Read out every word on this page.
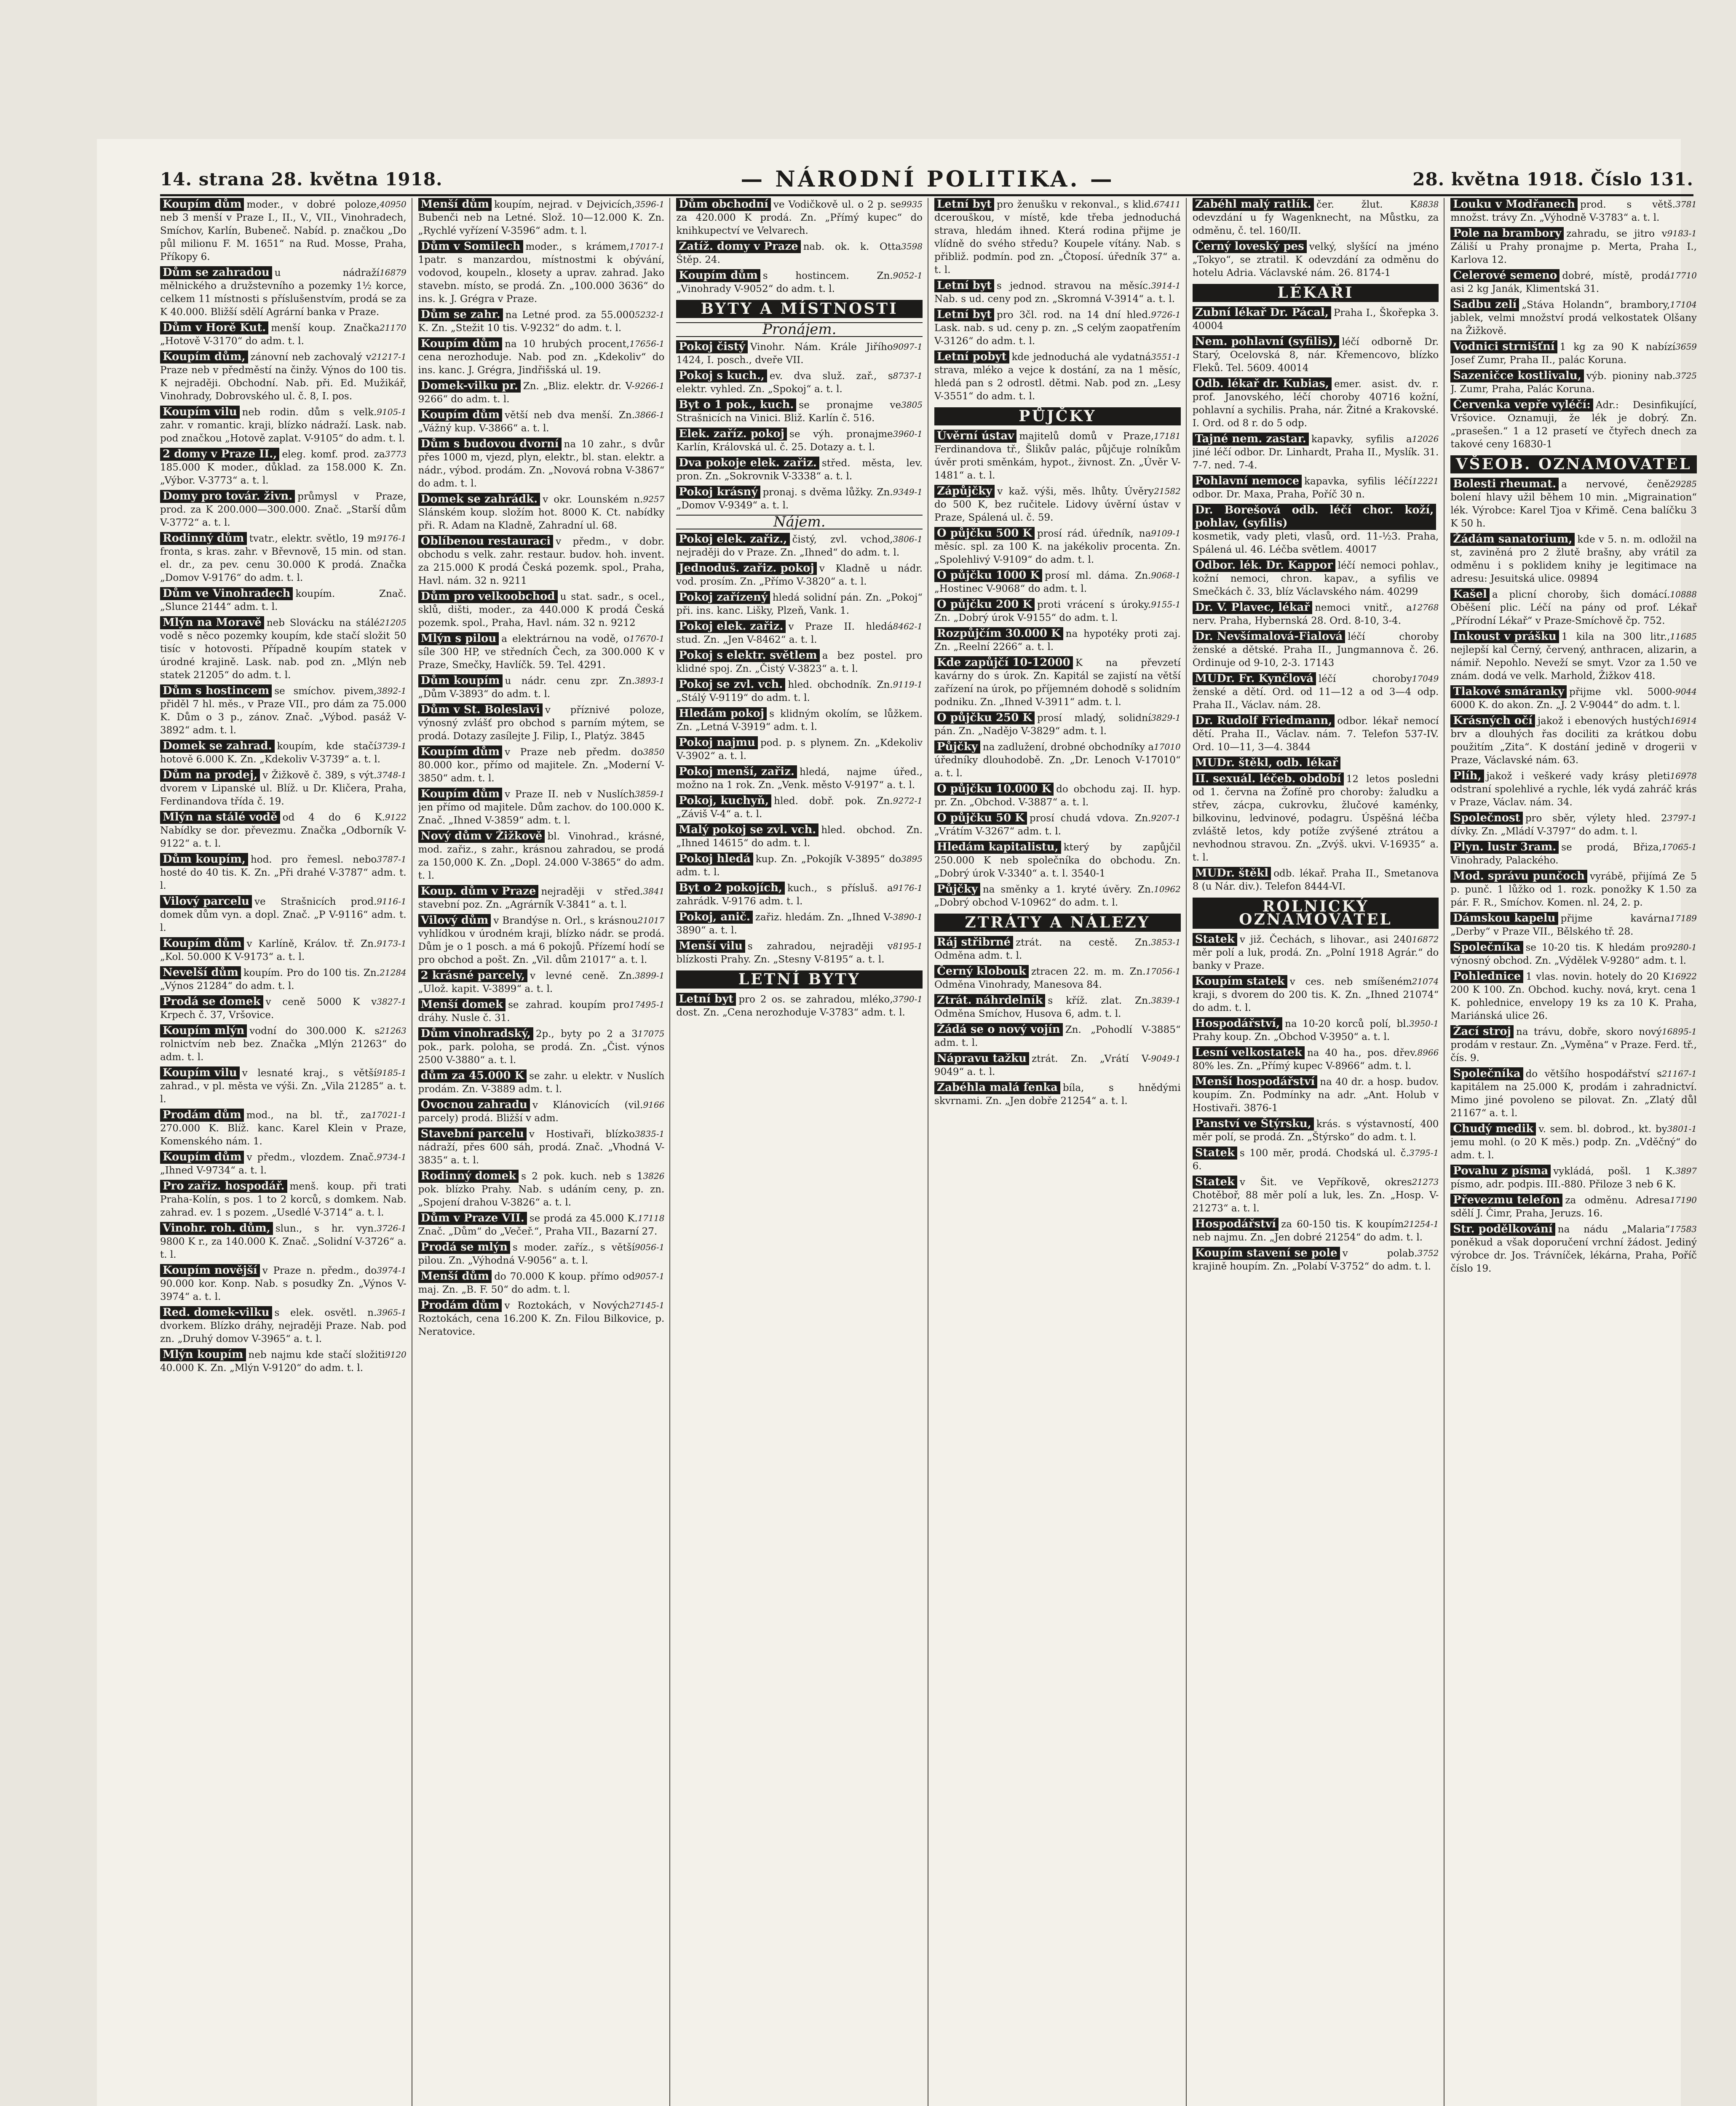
14. strana 28. května 1918.	— NÁRODNÍ POLITIKA. —	28. května 1918. Číslo 131.
Koupím dům	40950
moder., v dobré poloze, neb 3 menší v Praze I., II., V., VII., Vinohradech, Smíchov, Karlín, Bubeneč. Nabíd. p. značkou „Do půl milionu F. M. 1651“ na Rud. Mosse, Praha, Příkopy 6.
Dům se zahradou	16879
u nádraží mělnického a družstevního a pozemky 1½ korce, celkem 11 místnosti s příslušenstvím, prodá se za K 40.000. Bližší sdělí Agrární banka v Praze.
Dům v Horě Kut.	21170
menší koup. Značka „Hotově V-3170“ do adm. t. l.
Koupím dům,	21217-1
zánovní neb zachovalý v Praze neb v předměstí na činžy. Výnos do 100 tis. K nejraději. Obchodní. Nab. při. Ed. Mužikář, Vinohrady, Dobrovského ul. č. 8, I. pos.
Koupím vilu	9105-1
neb rodin. dům s velk. zahr. v romantic. kraji, blízko nádraží. Lask. nab. pod značkou „Hotově zaplat. V-9105“ do adm. t. l.
2 domy v Praze II.,	3773
eleg. komf. prod. za 185.000 K moder., důklad. za 158.000 K. Zn. „Výbor. V-3773“ a. t. l.
Domy pro továr. živn. průmysl v Praze, prod. za K 200.000—300.000. Znač. „Starší dům V-3772“ a. t. l.
Rodinný dům	9176-1
tvatr., elektr. světlo, 19 m fronta, s kras. zahr. v Břevnově, 15 min. od stan. el. dr., za pev. cenu 30.000 K prodá. Značka „Domov V-9176“ do adm. t. l.
Dům ve Vinohradech koupím. Znač. „Slunce 2144“ adm. t. l.
Mlýn na Moravě	21205
neb Slovácku na stálé vodě s něco pozemky koupím, kde stačí složit 50 tisíc v hotovosti. Případně koupím statek v úrodné krajině. Lask. nab. pod zn. „Mlýn neb statek 21205“ do adm. t. l.
Dům s hostincem	3892-1
se smíchov. pivem, přiděl 7 hl. měs., v Praze VII., pro dám za 75.000 K. Dům o 3 p., zánov. Znač. „Výbod. pasáž V-3892“ adm. t. l.
Domek se zahrad.	3739-1
koupím, kde stačí hotově 6.000 K. Zn. „Kdekoliv V-3739“ a. t. l.
Dům na prodej,	3748-1
v Žižkově č. 389, s výt. dvorem v Lipanské ul. Blíž. u Dr. Kličera, Praha, Ferdinandova třída č. 19.
Mlýn na stálé vodě	9122
od 4 do 6 K. Nabídky se dor. převezmu. Značka „Odborník V-9122“ a. t. l.
Dům koupím,	3787-1
hod. pro řemesl. nebo hosté do 40 tis. K. Zn. „Při drahé V-3787“ adm. t. l.
Vilový parcelu	9116-1
ve Strašnicích prod. domek dům vyn. a dopl. Znač. „P V-9116“ adm. t. l.
Koupím dům	9173-1
v Karlíně, Králov. tř. Zn. „Kol. 50.000 K V-9173“ a. t. l.
Nevelší dům	21284
koupím. Pro do 100 tis. Zn. „Výnos 21284“ do adm. t. l.
Prodá se domek	3827-1
v ceně 5000 K v Krpech č. 37, Vršovice.
Koupím mlýn	21263
vodní do 300.000 K. s rolnictvím neb bez. Značka „Mlýn 21263“ do adm. t. l.
Koupím vilu	9185-1
v lesnaté kraj., s větší zahrad., v pl. města ve výši. Zn. „Vila 21285“ a. t. l.
Prodám dům	17021-1
mod., na bl. tř., za 270.000 K. Blíž. kanc. Karel Klein v Praze, Komenského nám. 1.
Koupím dům	9734-1
v předm., vlozdem. Znač. „Ihned V-9734“ a. t. l.
Pro zařiz. hospodář. menš. koup. při trati Praha-Kolín, s pos. 1 to 2 korců, s domkem. Nab. zahrad. ev. 1 s pozem. „Usedlé V-3714“ a. t. l.
Vinohr. roh. dům,	3726-1
slun., s hr. vyn. 9800 K r., za 140.000 K. Znač. „Solidní V-3726“ a. t. l.
Koupím novější	3974-1
v Praze n. předm., do 90.000 kor. Konp. Nab. s posudky Zn. „Výnos V-3974“ a. t. l.
Red. domek-vilku	3965-1
s elek. osvětl. n. dvorkem. Blízko dráhy, nejraději Praze. Nab. pod zn. „Druhý domov V-3965“ a. t. l.
Mlýn koupím	9120
neb najmu kde stačí složiti 40.000 K. Zn. „Mlýn V-9120“ do adm. t. l.
Menší dům	3596-1
koupím, nejrad. v Dejvicích, Bubenči neb na Letné. Slož. 10—12.000 K. Zn. „Rychlé vyřízení V-3596“ adm. t. l.
Dům v Somilech	17017-1
moder., s krámem, 1patr. s manzardou, místnostmi k obývání, vodovod, koupeln., klosety a uprav. zahrad. Jako stavebn. místo, se prodá. Zn. „100.000 3636“ do ins. k. J. Grégra v Praze.
Dům se zahr.	5232-1
na Letné prod. za 55.000 K. Zn. „Stežit 10 tis. V-9232“ do adm. t. l.
Koupím dům	17656-1
na 10 hrubých procent, cena nerozhoduje. Nab. pod zn. „Kdekoliv“ do ins. kanc. J. Grégra, Jindřišská ul. 19.
Domek-vilku pr.	9266-1
Zn. „Bliz. elektr. dr. V-9266“ do adm. t. l.
Koupím dům	3866-1
větší neb dva menší. Zn. „Vážný kup. V-3866“ a. t. l.
Dům s budovou dvorní na 10 zahr., s dvůr přes 1000 m, vjezd, plyn, elektr., bl. stan. elektr. a nádr., výbod. prodám. Zn. „Novová robna V-3867“ do adm. t. l.
Domek se zahrádk.	9257
v okr. Lounském n. Slánském koup. složím hot. 8000 K. Ct. nabídky při. R. Adam na Kladně, Zahradní ul. 68.
Oblíbenou restauraci v předm., v dobr. obchodu s velk. zahr. restaur. budov. hoh. invent. za 215.000 K prodá Česká pozemk. spol., Praha, Havl. nám. 32 n. 9211
Dům pro velkoobchod u stat. sadr., s ocel., sklů, dišti, moder., za 440.000 K prodá Česká pozemk. spol., Praha, Havl. nám. 32 n. 9212
Mlýn s pilou	17670-1
a elektrárnou na vodě, o síle 300 HP, ve středních Čech, za 300.000 K v Praze, Smečky, Havlíčk. 59. Tel. 4291.
Dům koupím	3893-1
u nádr. cenu zpr. Zn. „Dům V-3893“ do adm. t. l.
Dům v St. Boleslavi v příznivé poloze, výnosný zvlášť pro obchod s parním mýtem, se prodá. Dotazy zasílejte J. Filip, I., Platýz. 3845
Koupím dům	3850
v Praze neb předm. do 80.000 kor., přímo od majitele. Zn. „Moderní V-3850“ adm. t. l.
Koupím dům	3859-1
v Praze II. neb v Nuslích jen přímo od majitele. Dům zachov. do 100.000 K. Znač. „Ihned V-3859“ adm. t. l.
Nový dům v Žižkově bl. Vinohrad., krásné, mod. zařiz., s zahr., krásnou zahradou, se prodá za 150,000 K. Zn. „Dopl. 24.000 V-3865“ do adm. t. l.
Koup. dům v Praze	3841
nejraději v střed. stavební poz. Zn. „Agrárník V-3841“ a. t. l.
Vilový dům	21017
v Brandýse n. Orl., s krásnou vyhlídkou v úrodném kraji, blízko nádr. se prodá. Dům je o 1 posch. a má 6 pokojů. Přízemí hodí se pro obchod a pošt. Zn. „Vil. dům 21017“ a. t. l.
2 krásné parcely,	3899-1
v levné ceně. Zn. „Ulož. kapit. V-3899“ a. t. l.
Menší domek	17495-1
se zahrad. koupím pro dráhy. Nusle č. 31.
Dům vinohradský,	17075
2p., byty po 2 a 3 pok., park. poloha, se prodá. Zn. „Čist. výnos 2500 V-3880“ a. t. l.
dům za 45.000 K se zahr. u elektr. v Nuslích prodám. Zn. V-3889 adm. t. l.
Ovocnou zahradu	9166
v Klánovicích (vil. parcely) prodá. Bližší v adm.
Stavební parcelu	3835-1
v Hostivaři, blízko nádraží, přes 600 sáh, prodá. Znač. „Vhodná V-3835“ a. t. l.
Rodinný domek	3826
s 2 pok. kuch. neb s 1 pok. blízko Prahy. Nab. s udáním ceny, p. zn. „Spojení drahou V-3826“ a. t. l.
Dům v Praze VII.	17118
se prodá za 45.000 K. Znač. „Dům“ do „Večeř.“, Praha VII., Bazarní 27.
Prodá se mlýn	9056-1
s moder. zaříz., s větší pilou. Zn. „Výhodná V-9056“ a. t. l.
Menší dům	9057-1
do 70.000 K koup. přímo od maj. Zn. „B. F. 50“ do adm. t. l.
Prodám dům	27145-1
v Roztokách, v Nových Roztokách, cena 16.200 K. Zn. Filou Bilkovice, p. Neratovice.
Dům obchodní	9935
ve Vodičkově ul. o 2 p. se za 420.000 K prodá. Zn. „Přímý kupec“ do knihkupectví ve Velvarech.
Zatíž. domy v Praze	3598
nab. ok. k. Otta Štěp. 24.
Koupím dům	9052-1
s hostincem. Zn. „Vinohrady V-9052“ do adm. t. l.
BYTY A MÍSTNOSTI
Pronájem.
Pokoj čistý	9097-1
Vinohr. Nám. Krále Jiřího 1424, I. posch., dveře VII.
Pokoj s kuch.,	8737-1
ev. dva služ. zař., s elektr. vyhled. Zn. „Spokoj“ a. t. l.
Byt o 1 pok., kuch.	3805
se pronajme ve Strašnicích na Vinici. Bliž. Karlín č. 516.
Elek. zaříz. pokoj	3960-1
se výh. pronajme Karlín, Královská ul. č. 25. Dotazy a. t. l.
Dva pokoje elek. zařiz. střed. města, lev. pron. Zn. „Sokrovnik V-3338“ a. t. l.
Pokoj krásný	9349-1
pronaj. s dvěma lůžky. Zn. „Domov V-9349“ a. t. l.
Nájem.
Pokoj elek. zařiz.,	3806-1
čistý, zvl. vchod, nejraději do v Praze. Zn. „Ihned“ do adm. t. l.
Jednoduš. zařiz. pokoj v Kladně u nádr. vod. prosím. Zn. „Přímo V-3820“ a. t. l.
Pokoj zařízený hledá solidní pán. Zn. „Pokoj“ při. ins. kanc. Lišky, Plzeň, Vank. 1.
Pokoj elek. zařiz.	8462-1
v Praze II. hledá stud. Zn. „Jen V-8462“ a. t. l.
Pokoj s elektr. světlem a bez postel. pro klidné spoj. Zn. „Čistý V-3823“ a. t. l.
Pokoj se zvl. vch.	9119-1
hled. obchodník. Zn. „Stálý V-9119“ do adm. t. l.
Hledám pokoj s klidným okolím, se lůžkem. Zn. „Letná V-3919“ adm. t. l.
Pokoj najmu pod. p. s plynem. Zn. „Kdekoliv V-3902“ a. t. l.
Pokoj menší, zařiz. hledá, najme úřed., možno na 1 rok. Zn. „Venk. město V-9197“ a. t. l.
Pokoj, kuchyň,	9272-1
hled. dobř. pok. Zn. „Záviš V-4“ a. t. l.
Malý pokoj se zvl. vch. hled. obchod. Zn. „Ihned 14615“ do adm. t. l.
Pokoj hledá	3895
kup. Zn. „Pokojík V-3895“ do adm. t. l.
Byt o 2 pokojích,	9176-1
kuch., s přísluš. a zahrádk. V-9176 adm. t. l.
Pokoj, anič.	3890-1
zařiz. hledám. Zn. „Ihned V-3890“ a. t. l.
Menší vilu	8195-1
s zahradou, nejraději v blízkosti Prahy. Zn. „Stesny V-8195“ a. t. l.
LETNÍ BYTY
Letní byt	3790-1
pro 2 os. se zahradou, mléko, dost. Zn. „Cena nerozhoduje V-3783“ adm. t. l.
Letní byt	67411
pro ženušku v rekonval., s klid. dcerouškou, v místě, kde třeba jednoduchá strava, hledám ihned. Která rodina přijme je vlídně do svého středu? Koupele vítány. Nab. s přibliž. podmín. pod zn. „Čtoposí. úředník 37“ a. t. l.
Letní byt	3914-1
s jednod. stravou na měsíc. Nab. s ud. ceny pod zn. „Skromná V-3914“ a. t. l.
Letní byt	9726-1
pro 3čl. rod. na 14 dní hled. Lask. nab. s ud. ceny p. zn. „S celým zaopatřením V-3126“ do adm. t. l.
Letní pobyt	3551-1
kde jednoduchá ale vydatná strava, mléko a vejce k dostání, za na 1 měsíc, hledá pan s 2 odrostl. dětmi. Nab. pod zn. „Lesy V-3551“ do adm. t. l.
PŮJČKY
Úvěrní ústav	17181
majitelů domů v Praze, Ferdinandova tř., Šlikův palác, půjčuje rolníkům úvěr proti směnkám, hypot., živnost. Zn. „Úvěr V-1481“ a. t. l.
Zápůjčky	21582
v kaž. výši, měs. lhůty. Úvěry do 500 K, bez ručitele. Lidovy úvěrní ústav v Praze, Spálená ul. č. 59.
O půjčku 500 K	9109-1
prosí rád. úředník, na měsíc. spl. za 100 K. na jakékoliv procenta. Zn. „Spolehlivý V-9109“ do adm. t. l.
O půjčku 1000 K	9068-1
prosí ml. dáma. Zn. „Hostinec V-9068“ do adm. t. l.
O půjčku 200 K	9155-1
proti vrácení s úroky. Zn. „Dobrý úrok V-9155“ do adm. t. l.
Rozpůjčím 30.000 K na hypotéky proti zaj. Zn. „Reelní 2266“ a. t. l.
Kde zapůjčí 10-12000 K na převzetí kavárny do s úrok. Zn. Kapitál se zajistí na větší zařízení na úrok, po příjemném dohodě s solidním podniku. Zn. „Ihned V-3911“ adm. t. l.
O půjčku 250 K	3829-1
prosí mladý, solidní pán. Zn. „Nadějo V-3829“ adm. t. l.
Půjčky	17010
na zadlužení, drobné obchodníky a úředníky dlouhodobě. Zn. „Dr. Lenoch V-17010“ a. t. l.
O půjčku 10.000 K do obchodu zaj. II. hyp. pr. Zn. „Obchod. V-3887“ a. t. l.
O půjčku 50 K	9207-1
prosí chudá vdova. Zn. „Vrátím V-3267“ adm. t. l.
Hledám kapitalistu, který by zapůjčil 250.000 K neb společníka do obchodu. Zn. „Dobrý úrok V-3340“ a. t. l. 3540-1
Půjčky	10962
na směnky a 1. kryté úvěry. Zn. „Dobrý obchod V-10962“ do adm. t. l.
ZTRÁTY A NÁLEZY
Ráj střibrné	3853-1
ztrát. na cestě. Zn. Odměna adm. t. l.
Černý klobouk	17056-1
ztracen 22. m. m. Zn. Odměna Vinohrady, Manesova 84.
Ztrát. náhrdelník	3839-1
s kříž. zlat. Zn. Odměna Smíchov, Husova 6, adm. t. l.
Žádá se o nový vojín Zn. „Pohodlí V-3885“ adm. t. l.
Nápravu tažku	9049-1
ztrát. Zn. „Vrátí V-9049“ a. t. l.
Zabéhla malá fenka bíla, s hnědými skvrnami. Zn. „Jen dobře 21254“ a. t. l.
Zabéhl malý ratlík.	8838
čer. žlut. K odevzdání u fy Wagenknecht, na Můstku, za odměnu, č. tel. 160/II.
Černý loveský pes velký, slyšící na jméno „Tokyo“, se ztratil. K odevzdání za odměnu do hotelu Adria. Václavské nám. 26. 8174-1
LÉKAŘI
Zubní lékař Dr. Pácal, Praha I., Škořepka 3. 40004
Nem. pohlavní (syfilis), léčí odborně Dr. Starý, Ocelovská 8, nár. Křemencovo, blízko Fleků. Tel. 5609. 40014
Odb. lékař dr. Kubias, emer. asist. dv. r. prof. Janovského, léčí choroby 40716 kožní, pohlavní a sychilis. Praha, nár. Žitné a Krakovské. I. Ord. od 8 r. do 5 odp.
Tajné nem. zastar.	12026
kapavky, syfilis a jiné léčí odbor. Dr. Linhardt, Praha II., Myslík. 31. 7-7. ned. 7-4.
Pohlavní nemoce	12221
kapavka, syfilis léčí odbor. Dr. Maxa, Praha, Poříč 30 n.
Dr. Borešová odb. léčí chor. koží, pohlav, (syfilis)kosmetik, vady pleti, vlasů, ord. 11-½3. Praha, Spálená ul. 46. Léčba světlem. 40017
Odbor. lék. Dr. Kappor léčí nemoci pohlav., kožní nemoci, chron. kapav., a syfilis ve Smečkách č. 33, blíz Václavského nám. 40299
Dr. V. Plavec, lékař	12768
nemoci vnitř., a nerv. Praha, Hybernská 28. Ord. 8-10, 3-4.
Dr. Nevšímalová-Fialová léčí choroby ženské a dětské. Praha II., Jungmannova č. 26. Ordinuje od 9-10, 2-3. 17143
MUDr. Fr. Kynčlová	17049
léčí choroby ženské a dětí. Ord. od 11—12 a od 3—4 odp. Praha II., Václav. nám. 28.
Dr. Rudolf Friedmann, odbor. lékař nemocí dětí. Praha II., Václav. nám. 7. Telefon 537-IV. Ord. 10—11, 3—4. 3844
MUDr. štěkl, odb. lékař
II. sexuál. léčeb. období 12 letos posledni od 1. června na Žofíně pro choroby: žaludku a střev, zácpa, cukrovku, žlučové kaménky, bilkovinu, ledvinové, podagru. Úspěšná léčba zvláště letos, kdy potíže zvýšené ztrátou a nevhodnou stravou. Zn. „Zvýš. ukvi. V-16935“ a. t. l.
MUDr. štěkl odb. lékař. Praha II., Smetanova 8 (u Nár. div.). Telefon 8444-VI.
ROLNICKÝ OZNAMOVATEL
Statek	16872
v již. Čechách, s lihovar., asi 240 měr polí a luk, prodá. Zn. „Polní 1918 Agrár.“ do banky v Praze.
Koupím statek	21074
v ces. neb smíšeném kraji, s dvorem do 200 tis. K. Zn. „Ihned 21074“ do adm. t. l.
Hospodářství,	3950-1
na 10-20 korců polí, bl. Prahy koup. Zn. „Obchod V-3950“ a. t. l.
Lesní velkostatek	8966
na 40 ha., pos. dřev. 80% les. Zn. „Přímý kupec V-8966“ adm. t. l.
Menší hospodářství na 40 dr. a hosp. budov. koupím. Zn. Podmínky na adr. „Ant. Holub v Hostivaři. 3876-1
Panství ve Štýrsku, krás. s výstavností, 400 měr polí, se prodá. Zn. „Štýrsko“ do adm. t. l.
Statek	3795-1
s 100 měr, prodá. Chodská ul. č. 6.
Statek	21273
v Šit. ve Vepříkově, okres Chotěboř, 88 měr polí a luk, les. Zn. „Hosp. V-21273“ a. t. l.
Hospodářství	21254-1
za 60-150 tis. K koupím neb najmu. Zn. „Jen dobré 21254“ do adm. t. l.
Koupím stavení se pole	3752
v polab. krajině houpím. Zn. „Polabí V-3752“ do adm. t. l.
Louku v Modřanech	3781
prod. s větš. množst. trávy Zn. „Výhodně V-3783“ a. t. l.
Pole na brambory	9183-1
zahradu, se jitro v Záliší u Prahy pronajme p. Merta, Praha I., Karlova 12.
Celerové semeno	17710
dobré, místě, prodá asi 2 kg Janák, Klimentská 31.
Sadbu zelí	17104
„Stáva Holandn“, brambory, jablek, velmi množství prodá velkostatek Olšany na Žižkově.
Vodnici strnišťní	3659
1 kg za 90 K nabízí Josef Zumr, Praha II., palác Koruna.
Sazeničce kostlivalu,	3725
výb. pioniny nab. J. Zumr, Praha, Palác Koruna.
Červenka vepře vyléčí: Adr.: Desinfikující, Vršovice. Oznamuji, že lék je dobrý. Zn. „prasešen.“ 1 a 12 prasetí ve čtyřech dnech za takové ceny 16830-1
VŠEOB. OZNAMOVATEL
Bolesti rheumat.	29285
a nervové, čeně bolení hlavy užil během 10 min. „Migraination“ lék. Výrobce: Karel Tjoa v Křimě. Cena balíčku 3 K 50 h.
Žádám sanatorium, kde v 5. n. m. odložil na st, zaviněná pro 2 žlutě brašny, aby vrátil za odměnu i s poklidem knihy je legitimace na adresu: Jesuitská ulice. 09894
Kašel	10888
a plicní choroby, šich domácí. Oběšení plic. Léčí na pány od prof. Lékař „Přírodní Lékař“ v Praze-Smíchově čp. 752.
Inkoust v prášku	11685
1 kila na 300 litr., nejlepší kal Černý, červený, anthracen, alizarin, a námiř. Nepohlo. Neveží se smyt. Vzor za 1.50 ve znám. dodá ve velk. Marhold, Žižkov 418.
Tlakové smáranky	9044
přijme vkl. 5000-6000 K. do akon. Zn. „J. 2 V-9044“ do adm. t. l.
Krásných očí	16914
jakož i ebenových hustých brv a dlouhých řas dociliti za krátkou dobu použitím „Zita“. K dostání jedině v drogerii v Praze, Václavské nám. 63.
Plíh,	16978
jakož i veškeré vady krásy pleti odstraní spolehlivé a rychle, lék vydá zahráč krás v Praze, Václav. nám. 34.
Společnost	3797-1
pro sběr, výlety hled. 2 dívky. Zn. „Mládí V-3797“ do adm. t. l.
Plyn. lustr 3ram.	17065-1
se prodá, Břiza, Vinohrady, Palackého.
Mod. správu punčoch vyrábě, přijímá Ze 5 p. punč. 1 lůžko od 1. rozk. ponožky K 1.50 za pár. F. R., Smíchov. Komen. nl. 24, 2. p.
Dámskou kapelu	17189
přijme kavárna „Derby“ v Praze VII., Bělského tř. 28.
Společníka	9280-1
se 10-20 tis. K hledám pro výnosný obchod. Zn. „Výdělek V-9280“ adm. t. l.
Pohlednice	16922
1 vlas. novin. hotely do 20 K 200 K 100. Zn. Obchod. kuchy. nová, kryt. cena 1 K. pohlednice, envelopy 19 ks za 10 K. Praha, Mariánská ulice 26.
Žací stroj	16895-1
na trávu, dobře, skoro nový prodám v restaur. Zn. „Vyměna“ v Praze. Ferd. tř., čís. 9.
Společníka	21167-1
do většího hospodářství s kapitálem na 25.000 K, prodám i zahradnictví. Mimo jiné povoleno se pilovat. Zn. „Zlatý důl 21167“ a. t. l.
Chudý medik	3801-1
v. sem. bl. dobrod., kt. by jemu mohl. (o 20 K měs.) podp. Zn. „Vděčný“ do adm. t. l.
Povahu z písma	3897
vykládá, pošl. 1 K. písmo, adr. podpis. III.-880. Přiloze 3 neb 6 K.
Převezmu telefon	17190
za odměnu. Adresa sdělí J. Čimr, Praha, Jeruzs. 16.
Str. podělkování	17583
na nádu „Malaria“ poněkud a však doporučení vrchní žádost. Jediný výrobce dr. Jos. Trávníček, lékárna, Praha, Poříč číslo 19.
